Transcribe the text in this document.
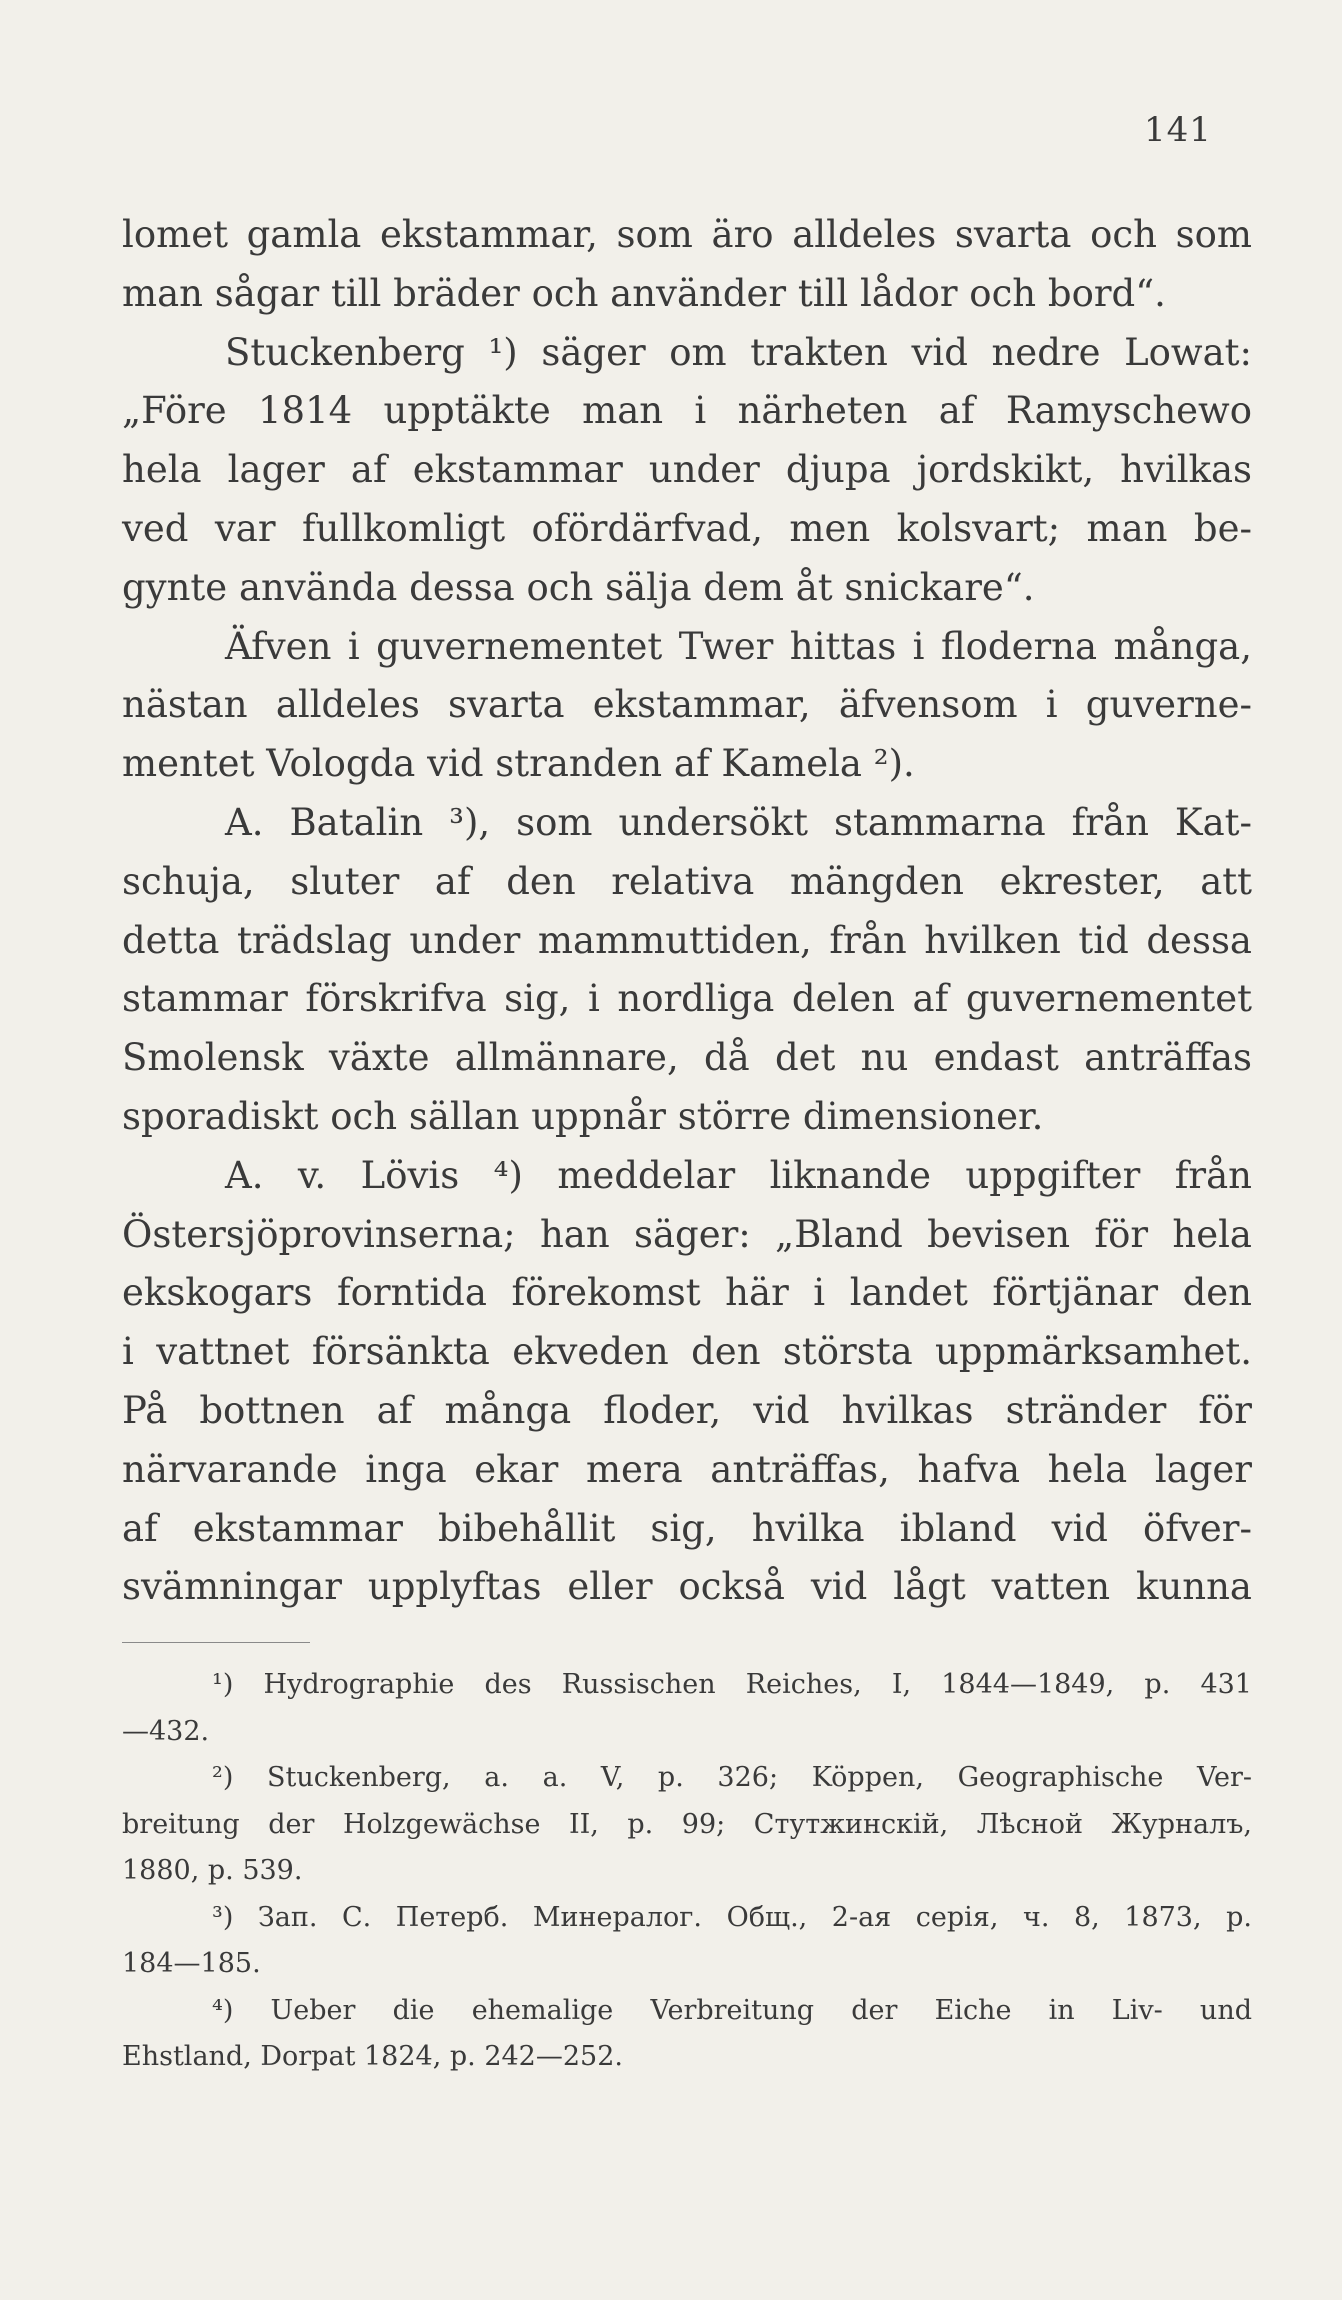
141
lomet gamla ekstammar, som äro alldeles svarta och som
man sågar till bräder och använder till lådor och bord“.
Stuckenberg ¹) säger om trakten vid nedre Lowat:
„Före 1814 upptäkte man i närheten af Ramyschewo
hela lager af ekstammar under djupa jordskikt, hvilkas
ved var fullkomligt ofördärfvad, men kolsvart; man be-
gynte använda dessa och sälja dem åt snickare“.
Äfven i guvernementet Twer hittas i floderna många,
nästan alldeles svarta ekstammar, äfvensom i guverne-
mentet Vologda vid stranden af Kamela ²).
A. Batalin ³), som undersökt stammarna från Kat-
schuja, sluter af den relativa mängden ekrester, att
detta trädslag under mammuttiden, från hvilken tid dessa
stammar förskrifva sig, i nordliga delen af guvernementet
Smolensk växte allmännare, då det nu endast anträffas
sporadiskt och sällan uppnår större dimensioner.
A. v. Lövis ⁴) meddelar liknande uppgifter från
Östersjöprovinserna; han säger: „Bland bevisen för hela
ekskogars forntida förekomst här i landet förtjänar den
i vattnet försänkta ekveden den största uppmärksamhet.
På bottnen af många floder, vid hvilkas stränder för
närvarande inga ekar mera anträffas, hafva hela lager
af ekstammar bibehållit sig, hvilka ibland vid öfver-
svämningar upplyftas eller också vid lågt vatten kunna
¹) Hydrographie des Russischen Reiches, I, 1844—1849, p. 431
—432.
²) Stuckenberg, a. a. V, p. 326; Köppen, Geographische Ver-
breitung der Holzgewächse II, p. 99; Стутжинскій, Лѣсной Журналъ,
1880, p. 539.
³) Зап. С. Петерб. Минералог. Общ., 2-ая серія, ч. 8, 1873, p.
184—185.
⁴) Ueber die ehemalige Verbreitung der Eiche in Liv- und
Ehstland, Dorpat 1824, p. 242—252.
